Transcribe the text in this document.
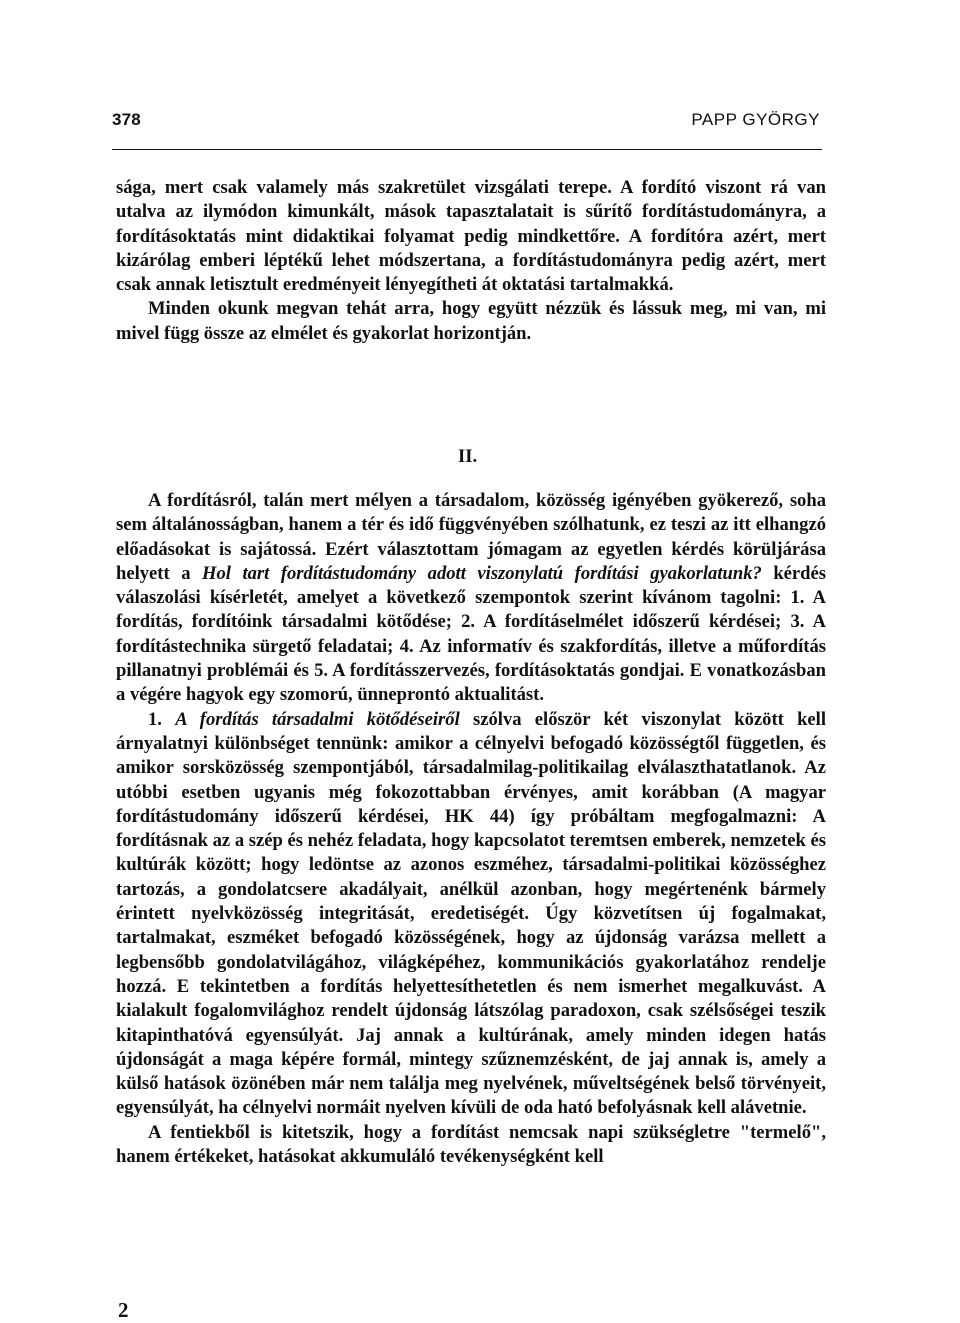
378	PAPP GYÖRGY

sága, mert csak valamely más szakretület vizsgálati terepe. A fordító viszont rá van utalva az ilymódon kimunkált, mások tapasztalatait is sűrítő fordítástudományra, a fordításoktatás mint didaktikai folyamat pedig mindkettőre. A fordítóra azért, mert kizárólag emberi léptékű lehet módszertana, a fordítástudományra pedig azért, mert csak annak letisztult eredményeit lényegítheti át oktatási tartalmakká.

Minden okunk megvan tehát arra, hogy együtt nézzük és lássuk meg, mi van, mi mivel függ össze az elmélet és gyakorlat horizontján.

II.

A fordításról, talán mert mélyen a társadalom, közösség igényében gyökerező, soha sem általánosságban, hanem a tér és idő függvényében szólhatunk, ez teszi az itt elhangzó előadásokat is sajátossá. Ezért választottam jómagam az egyetlen kérdés körüljárása helyett a Hol tart fordítástudomány adott viszonylatú fordítási gyakorlatunk? kérdés válaszolási kísérletét, amelyet a következő szempontok szerint kívánom tagolni: 1. A fordítás, fordítóink társadalmi kötődése; 2. A fordításelmélet időszerű kérdései; 3. A fordítástechnika sürgető feladatai; 4. Az informatív és szakfordítás, illetve a műfordítás pillanatnyi problémái és 5. A fordításszervezés, fordításoktatás gondjai. E vonatkozásban a végére hagyok egy szomorú, ünneprontó aktualitást.

1. A fordítás társadalmi kötődéseiről szólva először két viszonylat között kell árnyalatnyi különbséget tennünk: amikor a célnyelvi befogadó közösségtől független, és amikor sorsközösség szempontjából, társadalmilag-politikailag elválaszthatatlanok. Az utóbbi esetben ugyanis még fokozottabban érvényes, amit korábban (A magyar fordítástudomány időszerű kérdései, HK 44) így próbáltam megfogalmazni: A fordításnak az a szép és nehéz feladata, hogy kapcsolatot teremtsen emberek, nemzetek és kultúrák között; hogy ledöntse az azonos eszméhez, társadalmi-politikai közösséghez tartozás, a gondolatcsere akadályait, anélkül azonban, hogy megértenénk bármely érintett nyelvközösség integritását, eredetiségét. Úgy közvetítsen új fogalmakat, tartalmakat, eszméket befogadó közösségének, hogy az újdonság varázsa mellett a legbensőbb gondolatvilágához, világképéhez, kommunikációs gyakorlatához rendelje hozzá. E tekintetben a fordítás helyettesíthetetlen és nem ismerhet megalkuvást. A kialakult fogalomvilághoz rendelt újdonság látszólag paradoxon, csak szélsőségei teszik kitapinthatóvá egyensúlyát. Jaj annak a kultúrának, amely minden idegen hatás újdonságát a maga képére formál, mintegy szűznemzésként, de jaj annak is, amely a külső hatások özönében már nem találja meg nyelvének, műveltségének belső törvényeit, egyensúlyát, ha célnyelvi normáit nyelven kívüli de oda ható befolyásnak kell alávetnie.

A fentiekből is kitetszik, hogy a fordítást nemcsak napi szükségletre "termelő", hanem értékeket, hatásokat akkumuláló tevékenységként kell

2
